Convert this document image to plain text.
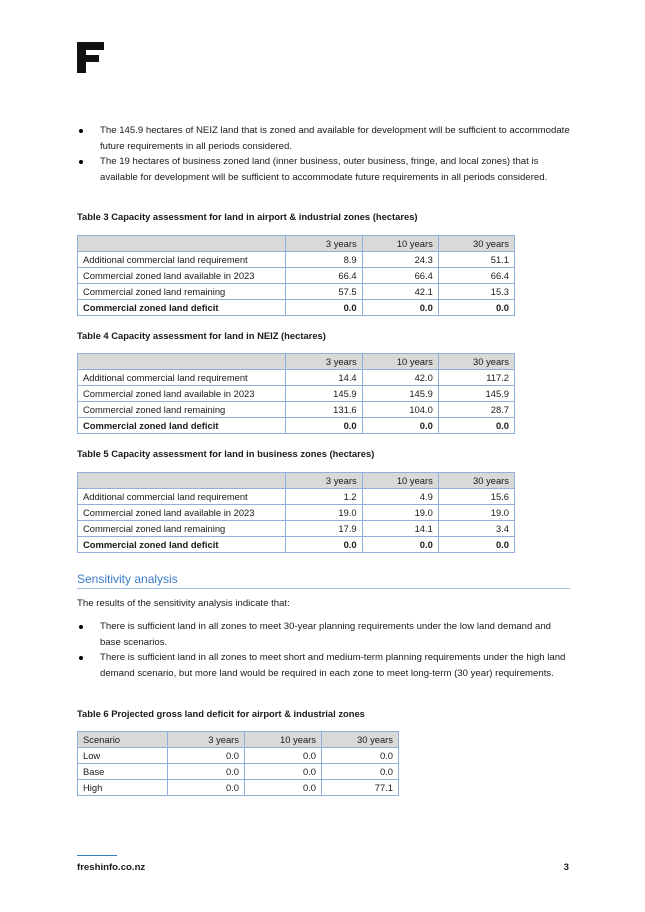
The 145.9 hectares of NEIZ land that is zoned and available for development will be sufficient to accommodate future requirements in all periods considered.
The 19 hectares of business zoned land (inner business, outer business, fringe, and local zones) that is available for development will be sufficient to accommodate future requirements in all periods considered.
Table 3 Capacity assessment for land in airport & industrial zones (hectares)
	3 years	10 years	30 years
Additional commercial land requirement	8.9	24.3	51.1
Commercial zoned land available in 2023	66.4	66.4	66.4
Commercial zoned land remaining	57.5	42.1	15.3
Commercial zoned land deficit	0.0	0.0	0.0
Table 4 Capacity assessment for land in NEIZ (hectares)
	3 years	10 years	30 years
Additional commercial land requirement	14.4	42.0	117.2
Commercial zoned land available in 2023	145.9	145.9	145.9
Commercial zoned land remaining	131.6	104.0	28.7
Commercial zoned land deficit	0.0	0.0	0.0
Table 5 Capacity assessment for land in business zones (hectares)
	3 years	10 years	30 years
Additional commercial land requirement	1.2	4.9	15.6
Commercial zoned land available in 2023	19.0	19.0	19.0
Commercial zoned land remaining	17.9	14.1	3.4
Commercial zoned land deficit	0.0	0.0	0.0
Sensitivity analysis
The results of the sensitivity analysis indicate that:
There is sufficient land in all zones to meet 30-year planning requirements under the low land demand and base scenarios.
There is sufficient land in all zones to meet short and medium-term planning requirements under the high land demand scenario, but more land would be required in each zone to meet long-term (30 year) requirements.
Table 6 Projected gross land deficit for airport & industrial zones
Scenario	3 years	10 years	30 years
Low	0.0	0.0	0.0
Base	0.0	0.0	0.0
High	0.0	0.0	77.1
freshinfo.co.nz	3
